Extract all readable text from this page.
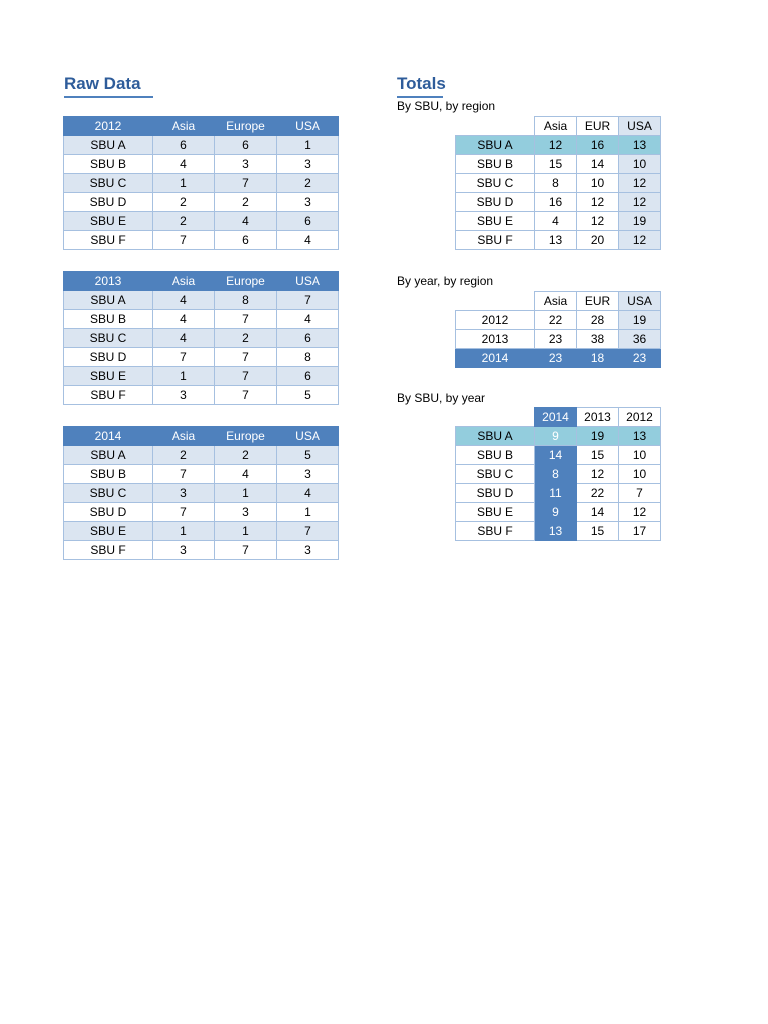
Raw Data	Totals
2012	Asia	Europe	USA
SBU A	6	6	1
SBU B	4	3	3
SBU C	1	7	2
SBU D	2	2	3
SBU E	2	4	6
SBU F	7	6	4
2013	Asia	Europe	USA
SBU A	4	8	7
SBU B	4	7	4
SBU C	4	2	6
SBU D	7	7	8
SBU E	1	7	6
SBU F	3	7	5
2014	Asia	Europe	USA
SBU A	2	2	5
SBU B	7	4	3
SBU C	3	1	4
SBU D	7	3	1
SBU E	1	1	7
SBU F	3	7	3
By SBU, by region
	Asia	EUR	USA
SBU A	12	16	13
SBU B	15	14	10
SBU C	8	10	12
SBU D	16	12	12
SBU E	4	12	19
SBU F	13	20	12
By year, by region
	Asia	EUR	USA
2012	22	28	19
2013	23	38	36
2014	23	18	23
By SBU, by year
	2014	2013	2012
SBU A	9	19	13
SBU B	14	15	10
SBU C	8	12	10
SBU D	11	22	7
SBU E	9	14	12
SBU F	13	15	17
